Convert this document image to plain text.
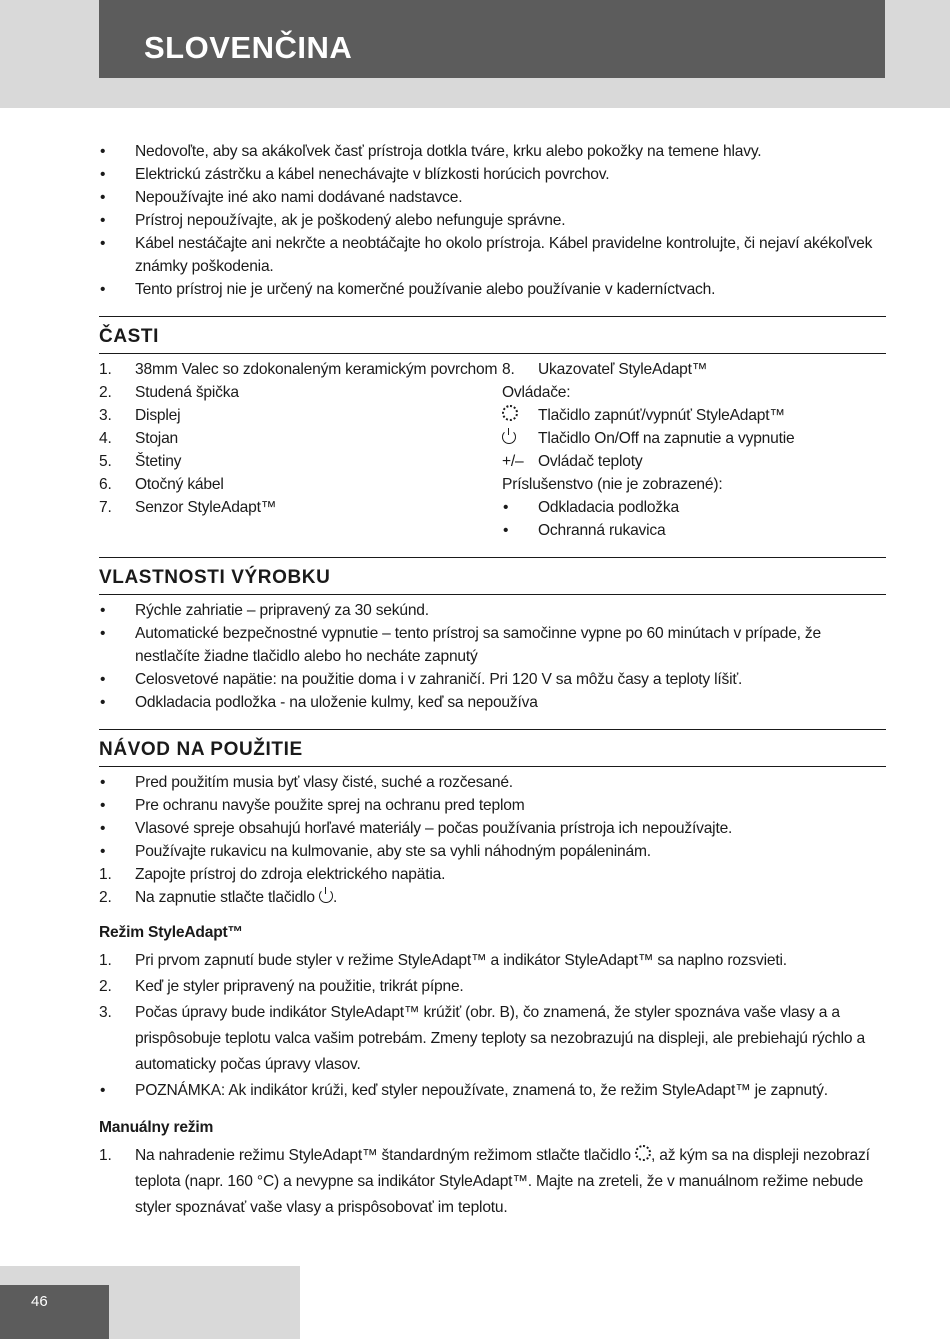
SLOVENČINA
• Nedovoľte, aby sa akákoľvek časť prístroja dotkla tváre, krku alebo pokožky na temene hlavy.
• Elektrickú zástrčku a kábel nenechávajte v blízkosti horúcich povrchov.
• Nepoužívajte iné ako nami dodávané nadstavce.
• Prístroj nepoužívajte, ak je poškodený alebo nefunguje správne.
• Kábel nestáčajte ani nekrčte a neobtáčajte ho okolo prístroja. Kábel pravidelne kontrolujte, či nejaví akékoľvek známky poškodenia.
• Tento prístroj nie je určený na komerčné používanie alebo používanie v kaderníctvach.
ČASTI
1. 38mm Valec so zdokonaleným keramickým povrchom
2. Studená špička
3. Displej
4. Stojan
5. Štetiny
6. Otočný kábel
7. Senzor StyleAdapt™
8. Ukazovateľ StyleAdapt™
Ovládače:
Tlačidlo zapnúť/vypnúť StyleAdapt™
Tlačidlo On/Off na zapnutie a vypnutie
+/– Ovládač teploty
Príslušenstvo (nie je zobrazené):
• Odkladacia podložka
• Ochranná rukavica
VLASTNOSTI VÝROBKU
• Rýchle zahriatie – pripravený za 30 sekúnd.
• Automatické bezpečnostné vypnutie – tento prístroj sa samočinne vypne po 60 minútach v prípade, že nestlačíte žiadne tlačidlo alebo ho necháte zapnutý
• Celosvetové napätie: na použitie doma i v zahraničí. Pri 120 V sa môžu časy a teploty líšiť.
• Odkladacia podložka - na uloženie kulmy, keď sa nepoužíva
NÁVOD NA POUŽITIE
• Pred použitím musia byť vlasy čisté, suché a rozčesané.
• Pre ochranu navyše použite sprej na ochranu pred teplom
• Vlasové spreje obsahujú horľavé materiály – počas používania prístroja ich nepoužívajte.
• Používajte rukavicu na kulmovanie, aby ste sa vyhli náhodným popáleninám.
1. Zapojte prístroj do zdroja elektrického napätia.
2. Na zapnutie stlačte tlačidlo .
Režim StyleAdapt™
1. Pri prvom zapnutí bude styler v režime StyleAdapt™ a indikátor StyleAdapt™ sa naplno rozsvieti.
2. Keď je styler pripravený na použitie, trikrát pípne.
3. Počas úpravy bude indikátor StyleAdapt™ krúžiť (obr. B), čo znamená, že styler spoznáva vaše vlasy a a prispôsobuje teplotu valca vašim potrebám. Zmeny teploty sa nezobrazujú na displeji, ale prebiehajú rýchlo a automaticky počas úpravy vlasov.
• POZNÁMKA: Ak indikátor krúži, keď styler nepoužívate, znamená to, že režim StyleAdapt™ je zapnutý.
Manuálny režim
1. Na nahradenie režimu StyleAdapt™ štandardným režimom stlačte tlačidlo , až kým sa na displeji nezobrazí teplota (napr. 160 °C) a nevypne sa indikátor StyleAdapt™. Majte na zreteli, že v manuálnom režime nebude styler spoznávať vaše vlasy a prispôsobovať im teplotu.
46
